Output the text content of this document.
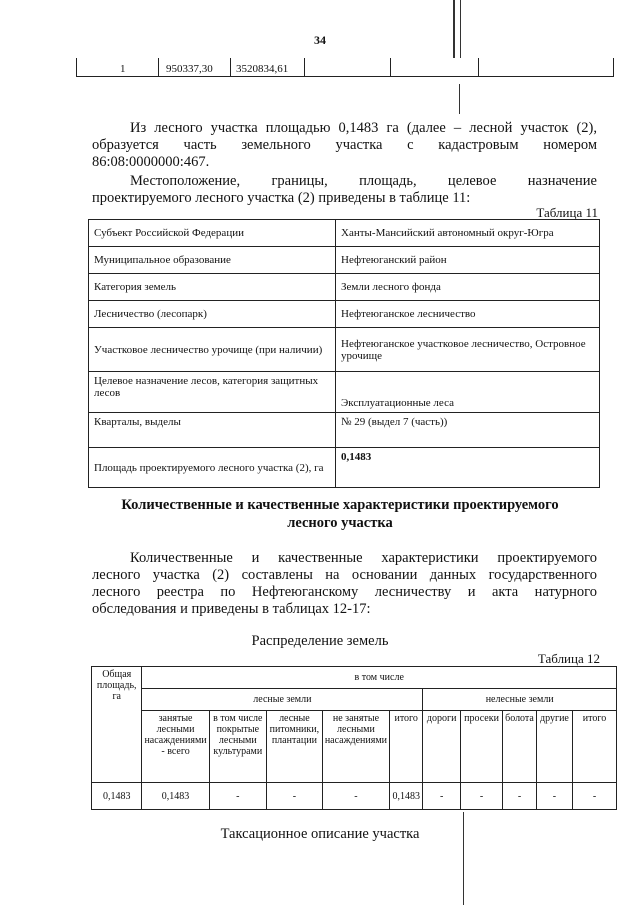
34
1	950337,30 3520834,61
Из лесного участка площадью 0,1483 га (далее – лесной участок (2),
образуется часть земельного участка с кадастровым номером
86:08:0000000:467.
Местоположение, границы, площадь, целевое назначение
проектируемого лесного участка (2) приведены в таблице 11:
Таблица 11
Субъект Российской Федерации	Ханты-Мансийский автономный округ-Югра
Муниципальное образование	Нефтеюганский район
Категория земель	Земли лесного фонда
Лесничество (лесопарк)	Нефтеюганское лесничество
Участковое лесничество урочище (при наличии)	Нефтеюганское участковое лесничество, Островное урочище
Целевое назначение лесов, категория защитных лесов	Эксплуатационные леса
Кварталы, выделы	№ 29 (выдел 7 (часть))
Площадь проектируемого лесного участка (2), га	0,1483
Количественные и качественные характеристики проектируемого
лесного участка
Количественные и качественные характеристики проектируемого
лесного участка (2) составлены на основании данных государственного
лесного реестра по Нефтеюганскому лесничеству и акта натурного
обследования и приведены в таблицах 12-17:
Распределение земель
Таблица 12
Общая площадь, га	в том числе									
	лесные земли					нелесные земли				
	занятые лесными насаждениями - всего	в том числе покрытые лесными культурами	лесные питомники, плантации	не занятые лесными насаждениями	итого	дороги	просеки	болота	другие	итого
0,1483	0,1483	-	-	-	0,1483	-	-	-	-	-
Таксационное описание участка
